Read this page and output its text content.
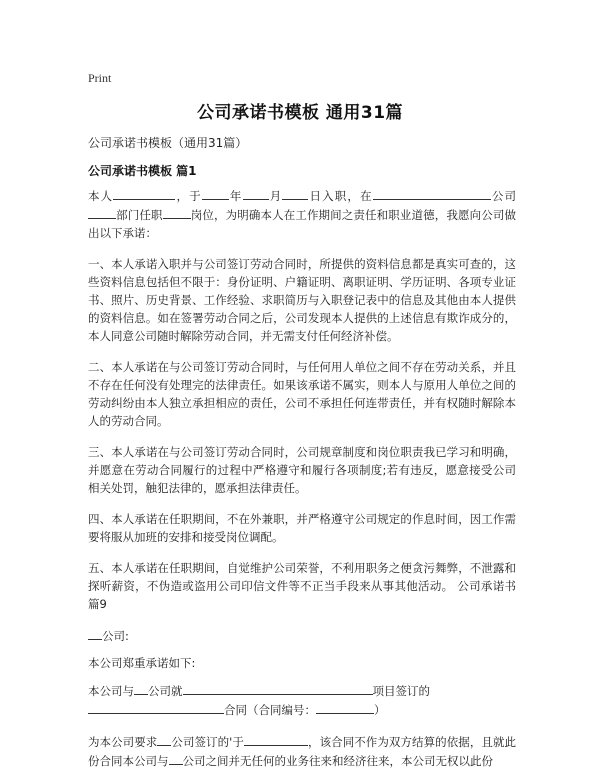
Print
公司承诺书模板 通用31篇
公司承诺书模板（通用31篇）
公司承诺书模板 篇1

本人	，于 年 月 日入职，在	公司部门任职 岗位，为明确本人在工作期间之责任和职业道德，我愿向公司做出以下承诺：

一、本人承诺入职并与公司签订劳动合同时，所提供的资料信息都是真实可查的，这些资料信息包括但不限于：身份证明、户籍证明、离职证明、学历证明、各项专业证书、照片、历史背景、工作经验、求职简历与入职登记表中的信息及其他由本人提供的资料信息。如在签署劳动合同之后，公司发现本人提供的上述信息有欺诈成分的，本人同意公司随时解除劳动合同，并无需支付任何经济补偿。

二、本人承诺在与公司签订劳动合同时，与任何用人单位之间不存在劳动关系，并且不存在任何没有处理完的法律责任。如果该承诺不属实，则本人与原用人单位之间的劳动纠纷由本人独立承担相应的责任，公司不承担任何连带责任，并有权随时解除本人的劳动合同。

三、本人承诺在与公司签订劳动合同时，公司规章制度和岗位职责我已学习和明确，并愿意在劳动合同履行的过程中严格遵守和履行各项制度;若有违反，愿意接受公司相关处罚，触犯法律的，愿承担法律责任。

四、本人承诺在任职期间，不在外兼职，并严格遵守公司规定的作息时间，因工作需要将服从加班的安排和接受岗位调配。

五、本人承诺在任职期间，自觉维护公司荣誉，不利用职务之便贪污舞弊，不泄露和探听薪资，不伪造或盗用公司印信文件等不正当手段来从事其他活动。 公司承诺书 篇9

公司:

本公司郑重承诺如下:

本公司与 公司就	项目签订的
合同（合同编号：	）

为本公司要求 公司签订的'于	，该合同不作为双方结算的依据，且就此份合同本公司与 公司之间并无任何的业务往来和经济往来，本公司无权以此份
